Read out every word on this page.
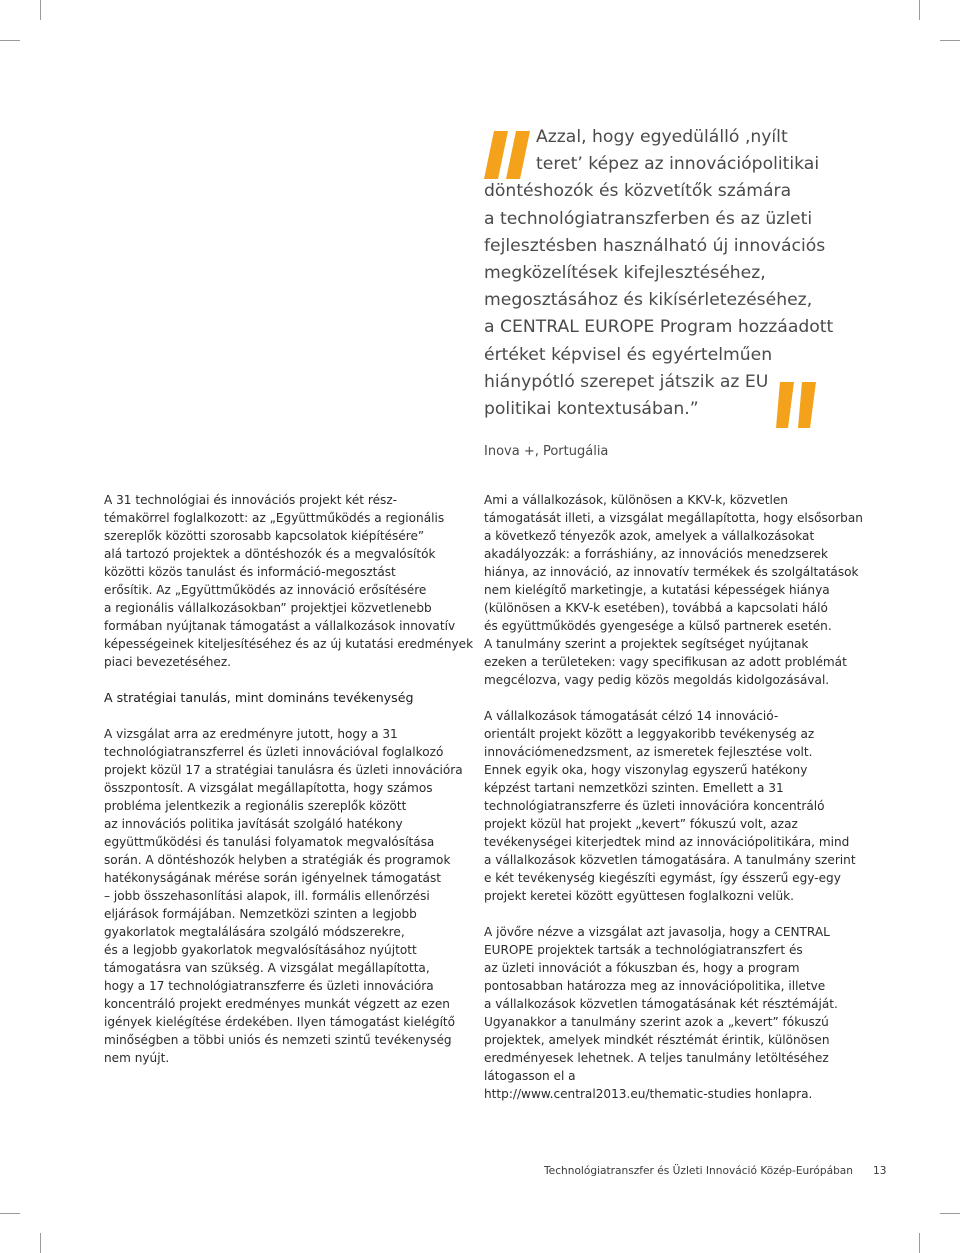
Azzal, hogy egyedülálló ‚nyílt
teret’ képez az innovációpolitikai
döntéshozók és közvetítők számára
a technológiatranszferben és az üzleti
fejlesztésben használható új innovációs
megközelítések kifejlesztéséhez,
megosztásához és kikísérletezéséhez,
a CENTRAL EUROPE Program hozzáadott
értéket képvisel és egyértelműen
hiánypótló szerepet játszik az EU
politikai kontextusában.”

Inova +, Portugália

A 31 technológiai és innovációs projekt két rész-
témakörrel foglalkozott: az „Együttműködés a regionális
szereplők közötti szorosabb kapcsolatok kiépítésére”
alá tartozó projektek a döntéshozók és a megvalósítók
közötti közös tanulást és információ-megosztást
erősítik. Az „Együttműködés az innováció erősítésére
a regionális vállalkozásokban” projektjei közvetlenebb
formában nyújtanak támogatást a vállalkozások innovatív
képességeinek kiteljesítéséhez és az új kutatási eredmények
piaci bevezetéséhez.

A stratégiai tanulás, mint domináns tevékenység

A vizsgálat arra az eredményre jutott, hogy a 31
technológiatranszferrel és üzleti innovációval foglalkozó
projekt közül 17 a stratégiai tanulásra és üzleti innovációra
összpontosít. A vizsgálat megállapította, hogy számos
probléma jelentkezik a regionális szereplők között
az innovációs politika javítását szolgáló hatékony
együttműködési és tanulási folyamatok megvalósítása
során. A döntéshozók helyben a stratégiák és programok
hatékonyságának mérése során igényelnek támogatást
– jobb összehasonlítási alapok, ill. formális ellenőrzési
eljárások formájában. Nemzetközi szinten a legjobb
gyakorlatok megtalálására szolgáló módszerekre,
és a legjobb gyakorlatok megvalósításához nyújtott
támogatásra van szükség. A vizsgálat megállapította,
hogy a 17 technológiatranszferre és üzleti innovációra
koncentráló projekt eredményes munkát végzett az ezen
igények kielégítése érdekében. Ilyen támogatást kielégítő
minőségben a többi uniós és nemzeti szintű tevékenység
nem nyújt.

Ami a vállalkozások, különösen a KKV-k, közvetlen
támogatását illeti, a vizsgálat megállapította, hogy elsősorban
a következő tényezők azok, amelyek a vállalkozásokat
akadályozzák: a forráshiány, az innovációs menedzserek
hiánya, az innováció, az innovatív termékek és szolgáltatások
nem kielégítő marketingje, a kutatási képességek hiánya
(különösen a KKV-k esetében), továbbá a kapcsolati háló
és együttműködés gyengesége a külső partnerek esetén.
A tanulmány szerint a projektek segítséget nyújtanak
ezeken a területeken: vagy specifikusan az adott problémát
megcélozva, vagy pedig közös megoldás kidolgozásával.

A vállalkozások támogatását célzó 14 innováció-
orientált projekt között a leggyakoribb tevékenység az
innovációmenedzsment, az ismeretek fejlesztése volt.
Ennek egyik oka, hogy viszonylag egyszerű hatékony
képzést tartani nemzetközi szinten. Emellett a 31
technológiatranszferre és üzleti innovációra koncentráló
projekt közül hat projekt „kevert” fókuszú volt, azaz
tevékenységei kiterjedtek mind az innovációpolitikára, mind
a vállalkozások közvetlen támogatására. A tanulmány szerint
e két tevékenység kiegészíti egymást, így ésszerű egy-egy
projekt keretei között együttesen foglalkozni velük.

A jövőre nézve a vizsgálat azt javasolja, hogy a CENTRAL
EUROPE projektek tartsák a technológiatranszfert és
az üzleti innovációt a fókuszban és, hogy a program
pontosabban határozza meg az innovációpolitika, illetve
a vállalkozások közvetlen támogatásának két résztémáját.
Ugyanakkor a tanulmány szerint azok a „kevert” fókuszú
projektek, amelyek mindkét résztémát érintik, különösen
eredményesek lehetnek. A teljes tanulmány letöltéséhez
látogasson el a
http://www.central2013.eu/thematic-studies honlapra.

Technológiatranszfer és Üzleti Innováció Közép-Európában 13
